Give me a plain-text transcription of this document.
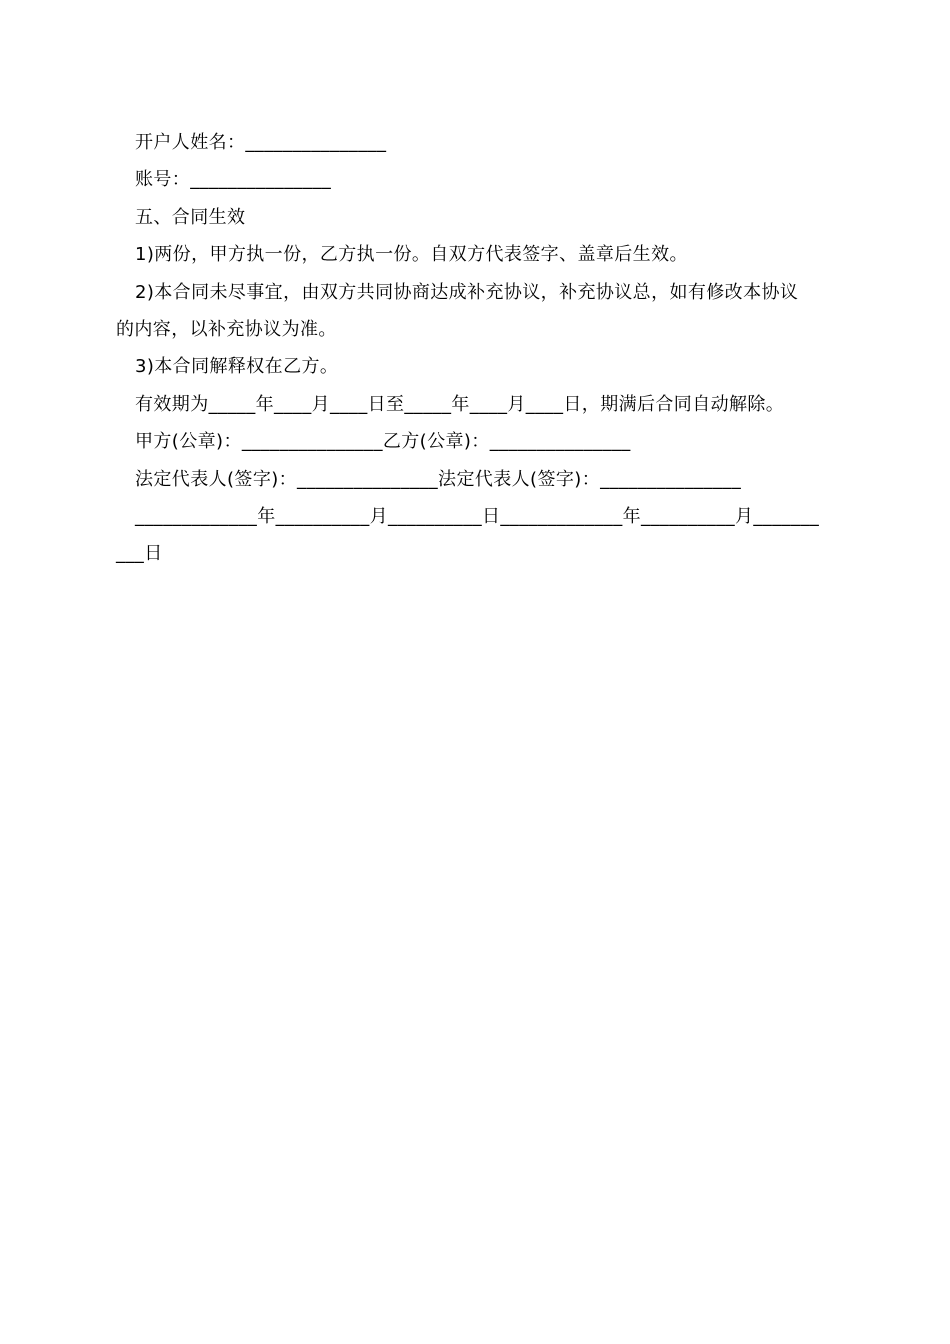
开户人姓名：_______________
账号：_______________
五、合同生效
1)两份，甲方执一份，乙方执一份。自双方代表签字、盖章后生效。
2)本合同未尽事宜，由双方共同协商达成补充协议，补充协议总，如有修改本协议
的内容，以补充协议为准。
3)本合同解释权在乙方。
有效期为_____年____月____日至_____年____月____日，期满后合同自动解除。
甲方(公章)：_______________乙方(公章)：_______________
法定代表人(签字)：_______________法定代表人(签字)：_______________
_____________年__________月__________日_____________年__________月_______
___日
